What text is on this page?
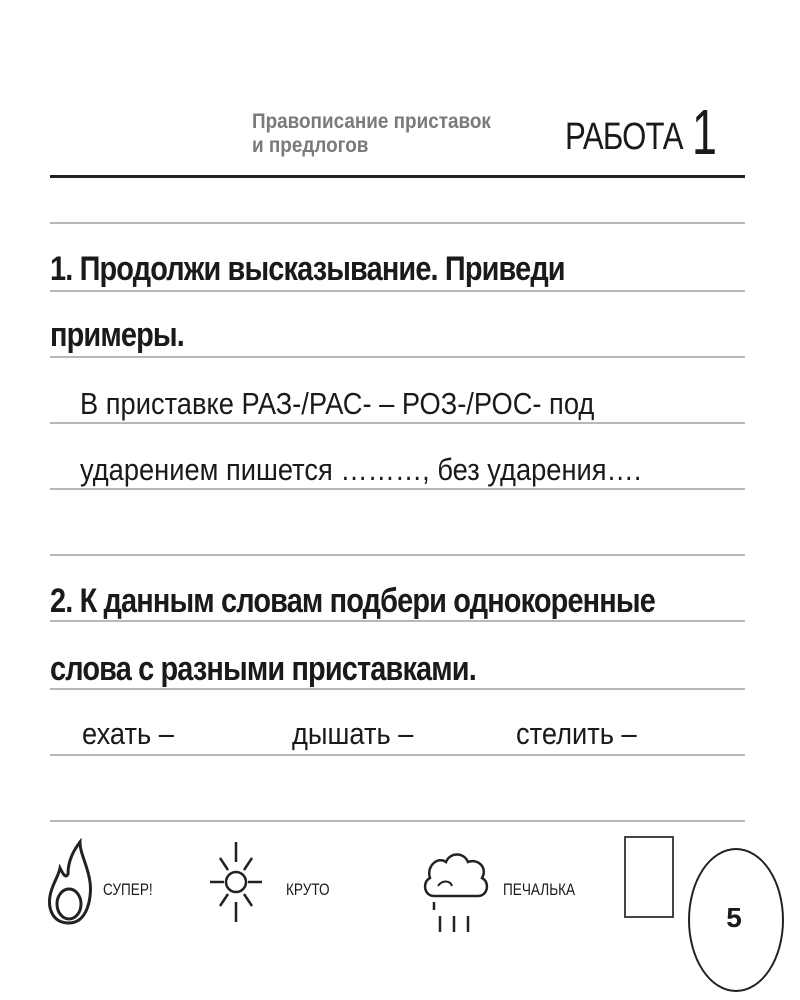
Правописание приставок
и предлогов	РАБОТА 1
1. Продолжи высказывание. Приведи
примеры.
В приставке РАЗ-/РАС- – РОЗ-/РОС- под
ударением пишется ………, без ударения….
2. К данным словам подбери однокоренные
слова с разными приставками.
ехать –	дышать –	стелить –
СУПЕР!	КРУТО	ПЕЧАЛЬКА
5
